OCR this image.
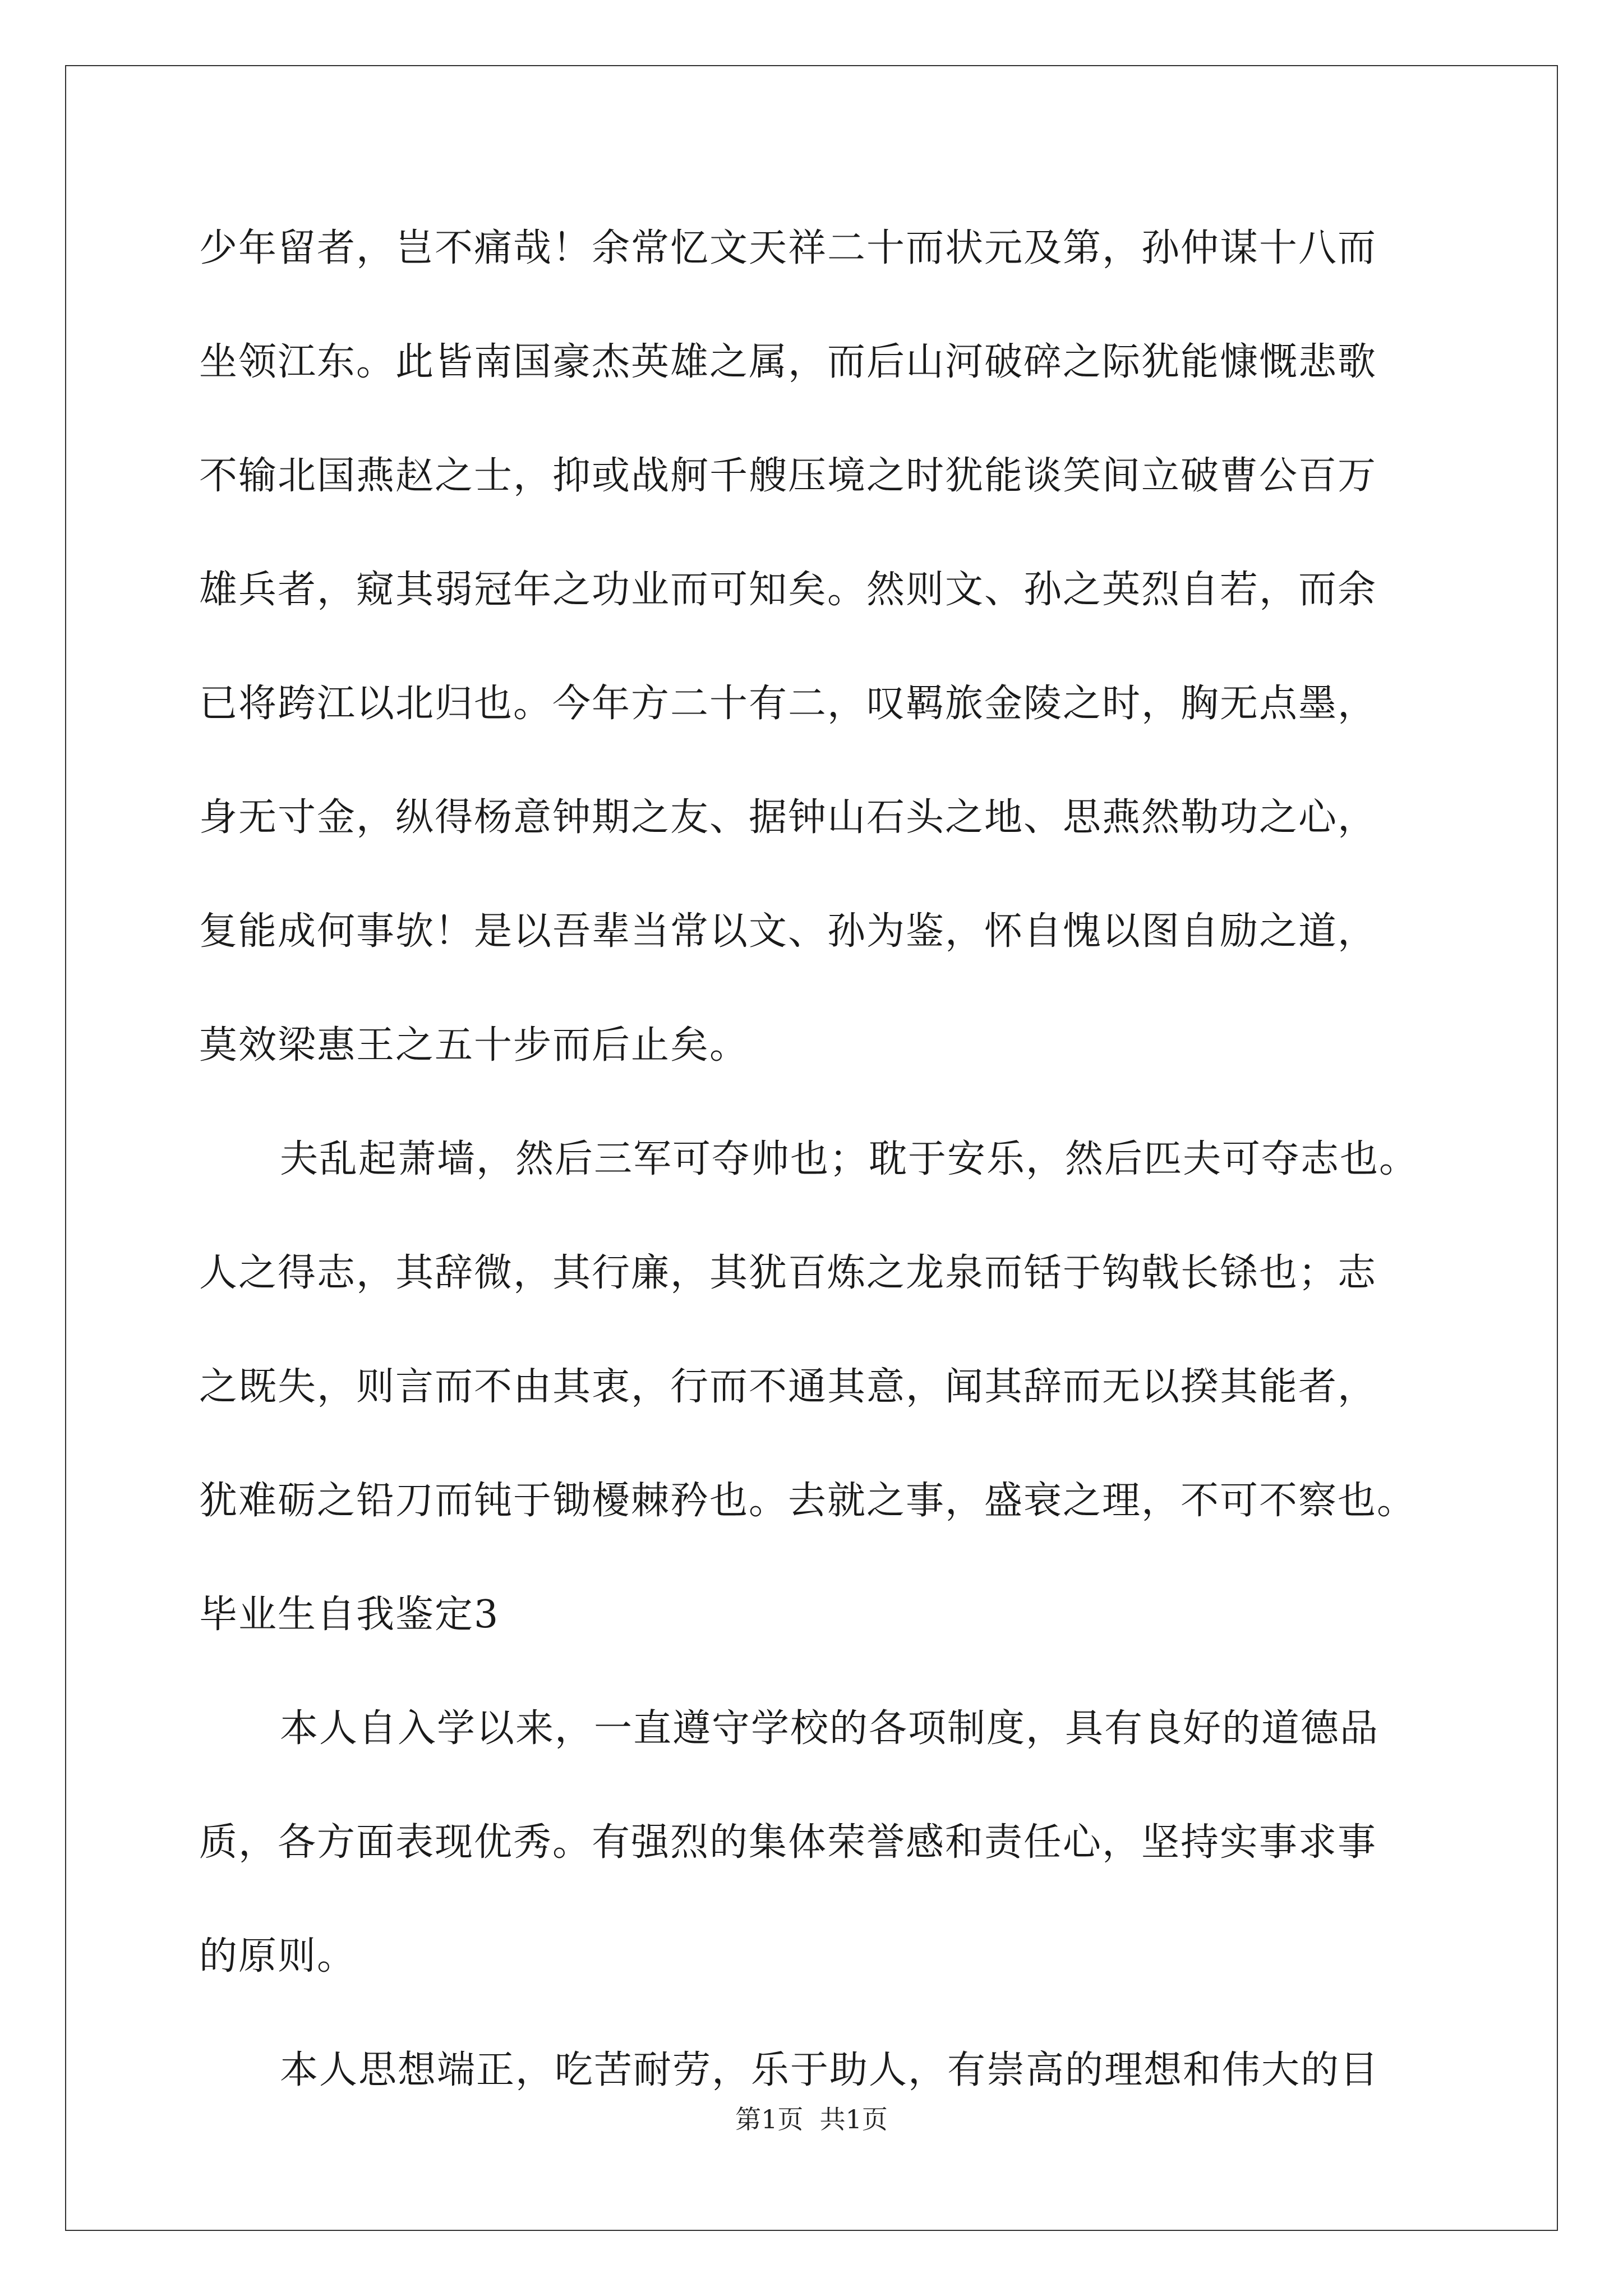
少年留者，岂不痛哉！余常忆文天祥二十而状元及第，孙仲谋十八而
坐领江东。此皆南国豪杰英雄之属，而后山河破碎之际犹能慷慨悲歌
不输北国燕赵之士，抑或战舸千艘压境之时犹能谈笑间立破曹公百万
雄兵者，窥其弱冠年之功业而可知矣。然则文、孙之英烈自若，而余
已将跨江以北归也。今年方二十有二，叹羁旅金陵之时，胸无点墨，
身无寸金，纵得杨意钟期之友、据钟山石头之地、思燕然勒功之心，
复能成何事欤！是以吾辈当常以文、孙为鉴，怀自愧以图自励之道，
莫效梁惠王之五十步而后止矣。
夫乱起萧墙，然后三军可夺帅也；耽于安乐，然后匹夫可夺志也。
人之得志，其辞微，其行廉，其犹百炼之龙泉而铦于钩戟长铩也；志
之既失，则言而不由其衷，行而不通其意，闻其辞而无以揆其能者，
犹难砺之铅刀而钝于锄櫌棘矜也。去就之事，盛衰之理，不可不察也。
毕业生自我鉴定3
本人自入学以来，一直遵守学校的各项制度，具有良好的道德品
质，各方面表现优秀。有强烈的集体荣誉感和责任心，坚持实事求事
的原则。
本人思想端正，吃苦耐劳，乐于助人，有崇高的理想和伟大的目
第1页  共1页
